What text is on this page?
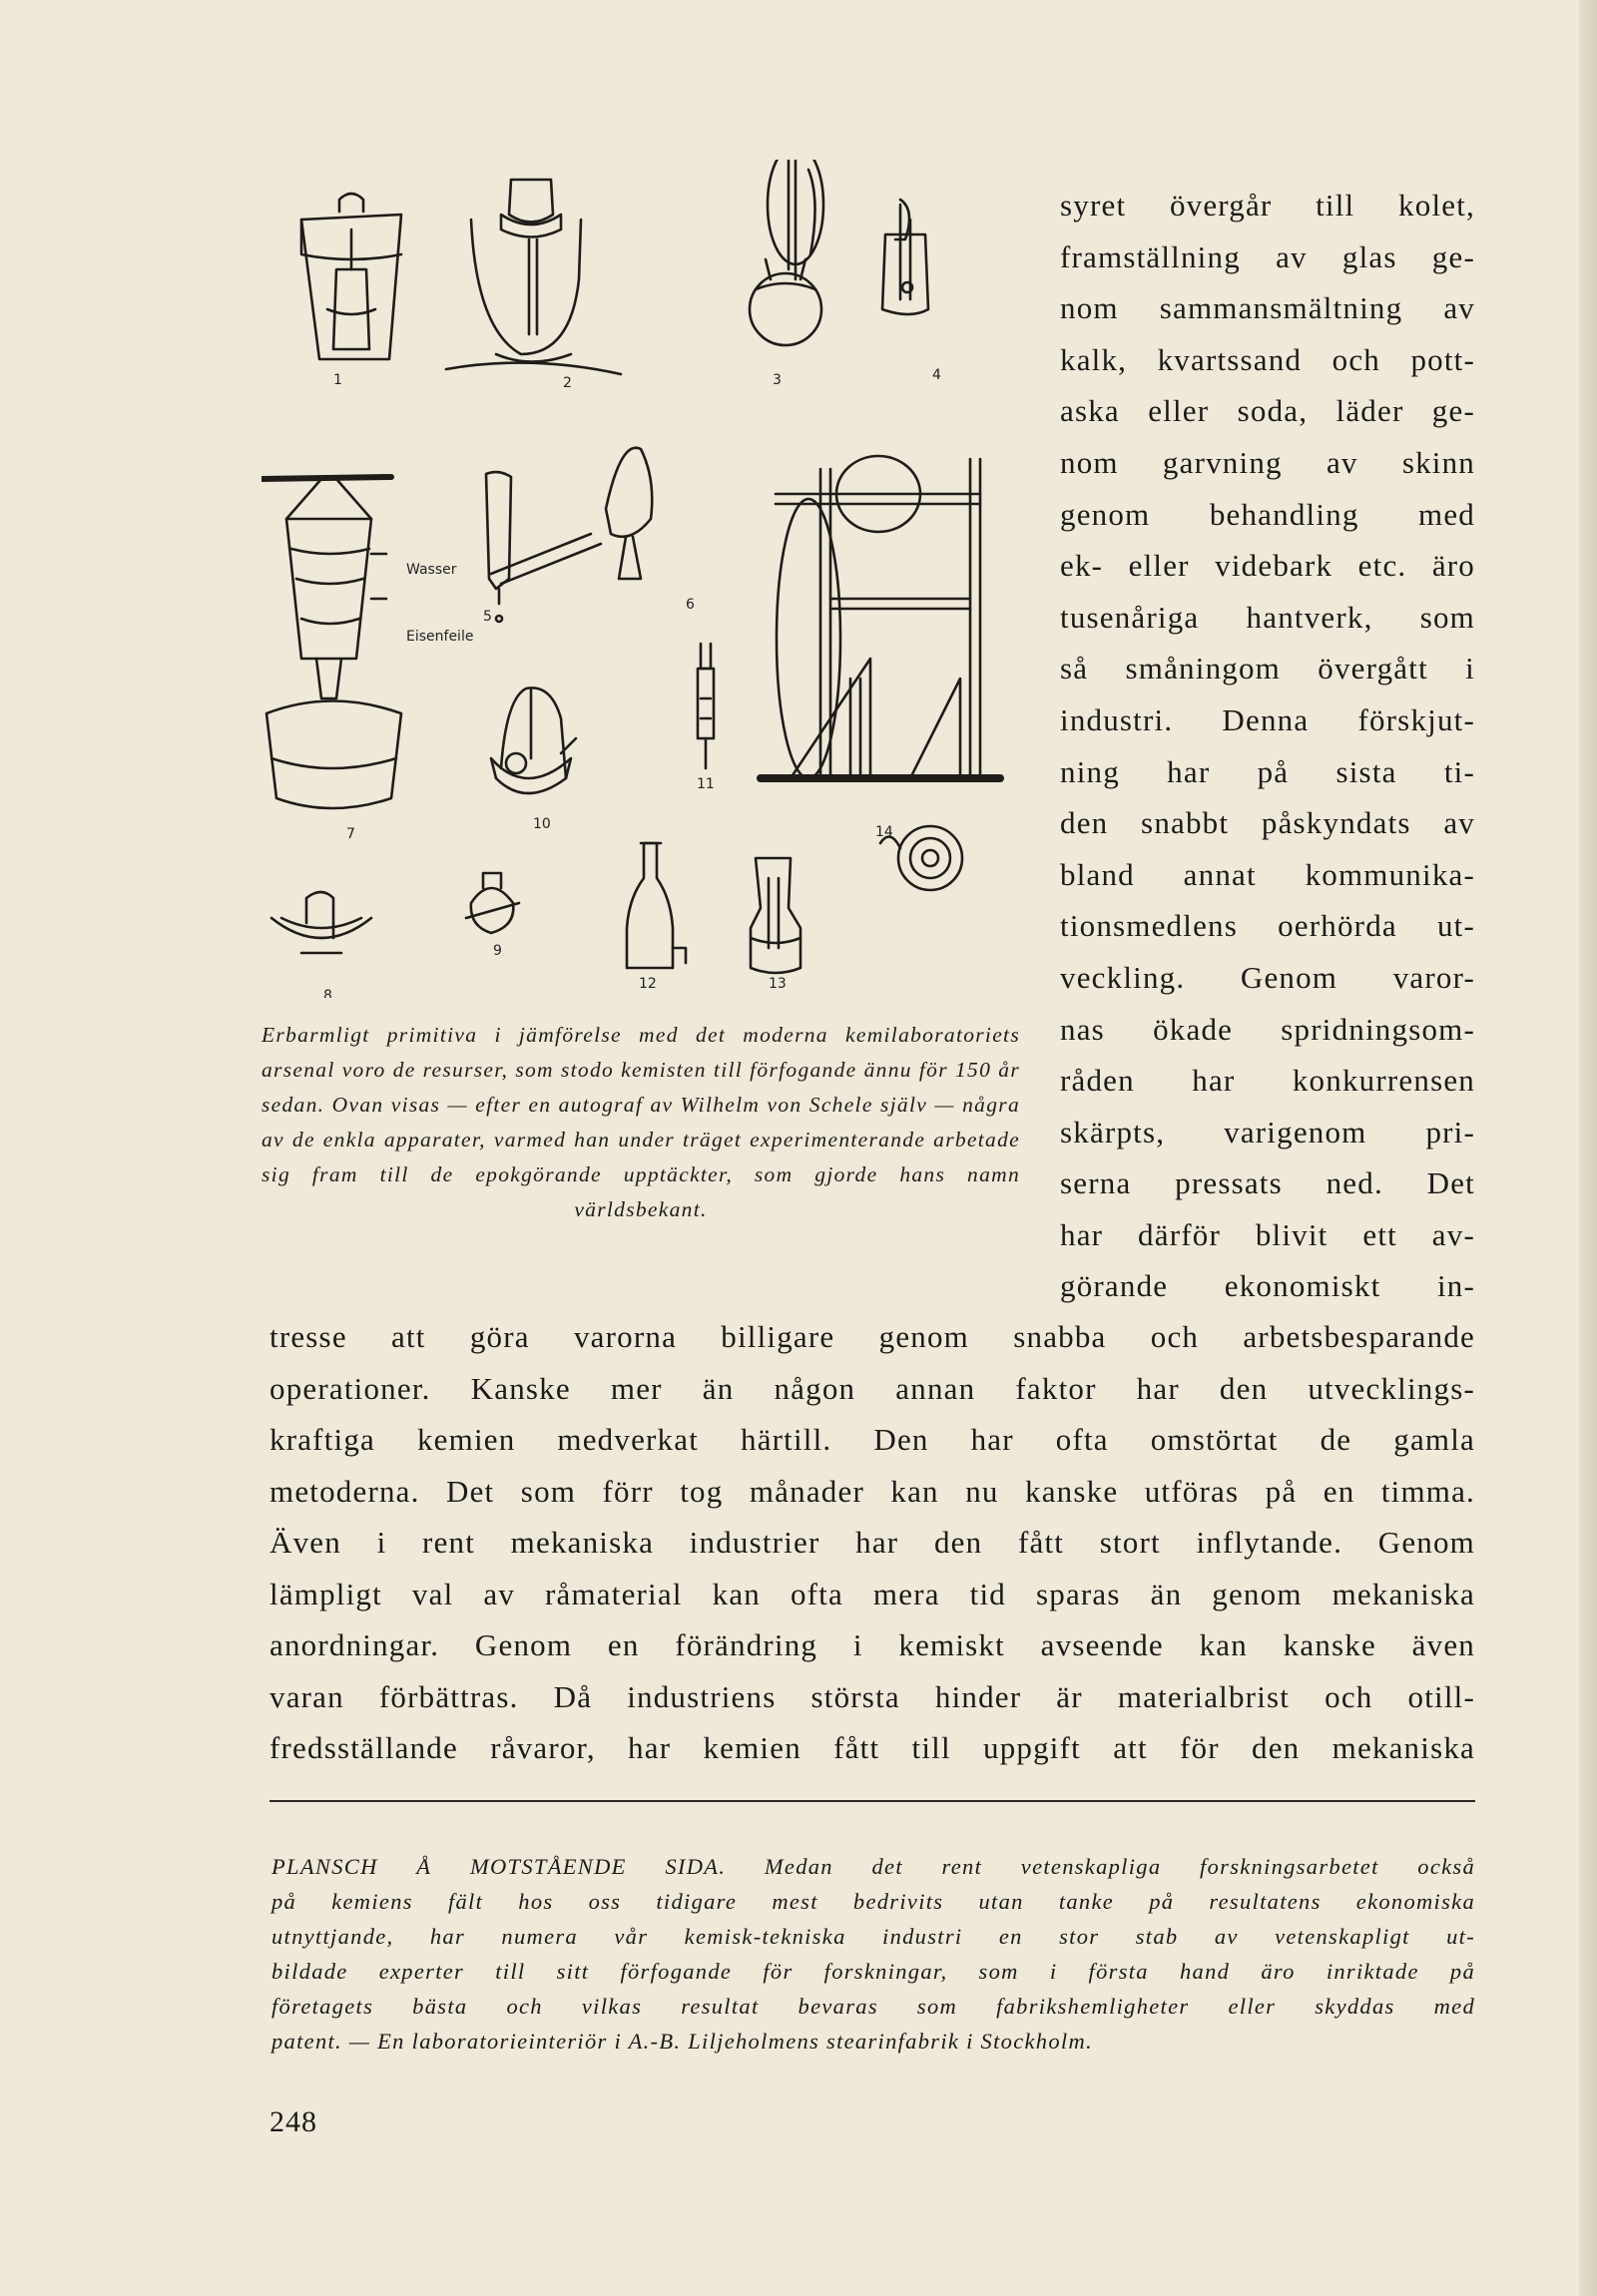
Wasser
Eisenfeile
1	2	3	4
5
6
7
8
9
10
11
12	13
14
Erbarmligt primitiva i jämförelse med det moderna kemilaboratoriets arsenal voro de resurser, som stodo kemisten till förfogande ännu för 150 år sedan. Ovan visas — efter en autograf av Wilhelm von Schele själv — några av de enkla apparater, varmed han under träget experimenterande arbetade sig fram till de epokgörande upptäckter, som gjorde hans namn världsbekant.
syret övergår till kolet,
framställning av glas ge-
nom sammansmältning av
kalk, kvartssand och pott-
aska eller soda, läder ge-
nom garvning av skinn
genom behandling med
ek- eller videbark etc. äro
tusenåriga hantverk, som
så småningom övergått i
industri. Denna förskjut-
ning har på sista ti-
den snabbt påskyndats av
bland annat kommunika-
tionsmedlens oerhörda ut-
veckling. Genom varor-
nas ökade spridningsom-
råden har konkurrensen
skärpts, varigenom pri-
serna pressats ned. Det
har därför blivit ett av-
görande ekonomiskt in-
tresse att göra varorna billigare genom snabba och arbetsbesparande
operationer. Kanske mer än någon annan faktor har den utvecklings-
kraftiga kemien medverkat härtill. Den har ofta omstörtat de gamla
metoderna. Det som förr tog månader kan nu kanske utföras på en timma.
Även i rent mekaniska industrier har den fått stort inflytande. Genom
lämpligt val av råmaterial kan ofta mera tid sparas än genom mekaniska
anordningar. Genom en förändring i kemiskt avseende kan kanske även
varan förbättras. Då industriens största hinder är materialbrist och otill-
fredsställande råvaror, har kemien fått till uppgift att för den mekaniska
PLANSCH Å MOTSTÅENDE SIDA. Medan det rent vetenskapliga forskningsarbetet också
på kemiens fält hos oss tidigare mest bedrivits utan tanke på resultatens ekonomiska
utnyttjande, har numera vår kemisk-tekniska industri en stor stab av vetenskapligt ut-
bildade experter till sitt förfogande för forskningar, som i första hand äro inriktade på
företagets bästa och vilkas resultat bevaras som fabrikshemligheter eller skyddas med
patent. — En laboratorieinteriör i A.-B. Liljeholmens stearinfabrik i Stockholm.
248
